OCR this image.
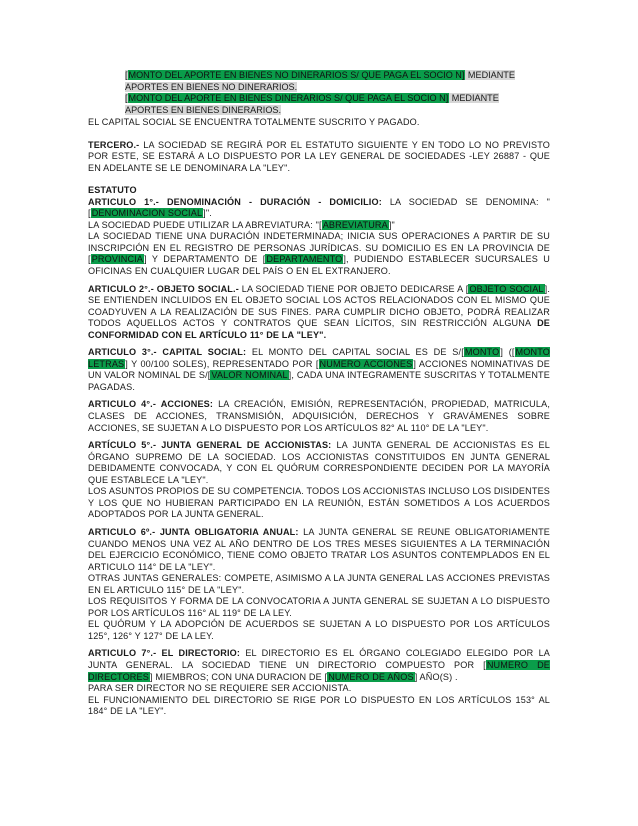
[MONTO DEL APORTE EN BIENES NO DINERARIOS S/ QUE PAGA EL SOCIO N] MEDIANTE

APORTES EN BIENES NO DINERARIOS.

[MONTO DEL APORTE EN BIENES DINERARIOS S/ QUE PAGA EL SOCIO N] MEDIANTE

APORTES EN BIENES DINERARIOS.

EL CAPITAL SOCIAL SE ENCUENTRA TOTALMENTE SUSCRITO Y PAGADO.

TERCERO.- LA SOCIEDAD SE REGIRÁ POR EL ESTATUTO SIGUIENTE Y EN TODO LO NO PREVISTO POR ESTE, SE ESTARÁ A LO DISPUESTO POR LA LEY GENERAL DE SOCIEDADES -LEY 26887 - QUE EN ADELANTE SE LE DENOMINARA LA "LEY".

ESTATUTO

ARTICULO 1°.- DENOMINACIÓN - DURACIÓN - DOMICILIO: LA SOCIEDAD SE DENOMINA: "[DENOMINACION SOCIAL]".

LA SOCIEDAD PUEDE UTILIZAR LA ABREVIATURA: "[ABREVIATURA]"

LA SOCIEDAD TIENE UNA DURACIÓN INDETERMINADA; INICIA SUS OPERACIONES A PARTIR DE SU INSCRIPCIÓN EN EL REGISTRO DE PERSONAS JURÍDICAS. SU DOMICILIO ES EN LA PROVINCIA DE [PROVINCIA] Y DEPARTAMENTO DE [DEPARTAMENTO], PUDIENDO ESTABLECER SUCURSALES U OFICINAS EN CUALQUIER LUGAR DEL PAÍS O EN EL EXTRANJERO.

ARTICULO 2°.- OBJETO SOCIAL.- LA SOCIEDAD TIENE POR OBJETO DEDICARSE A [OBJETO SOCIAL]. SE ENTIENDEN INCLUIDOS EN EL OBJETO SOCIAL LOS ACTOS RELACIONADOS CON EL MISMO QUE COADYUVEN A LA REALIZACIÓN DE SUS FINES. PARA CUMPLIR DICHO OBJETO, PODRÁ REALIZAR TODOS AQUELLOS ACTOS Y CONTRATOS QUE SEAN LÍCITOS, SIN RESTRICCIÓN ALGUNA DE CONFORMIDAD CON EL ARTÍCULO 11° DE LA "LEY".

ARTICULO 3°.- CAPITAL SOCIAL: EL MONTO DEL CAPITAL SOCIAL ES DE S/[MONTO] ([MONTO LETRAS] Y 00/100 SOLES), REPRESENTADO POR [NUMERO ACCIONES] ACCIONES NOMINATIVAS DE UN VALOR NOMINAL DE S/[VALOR NOMINAL], CADA UNA INTEGRAMENTE SUSCRITAS Y TOTALMENTE PAGADAS.

ARTICULO 4°.- ACCIONES: LA CREACIÓN, EMISIÓN, REPRESENTACIÓN, PROPIEDAD, MATRICULA, CLASES DE ACCIONES, TRANSMISIÓN, ADQUISICIÓN, DERECHOS Y GRAVÁMENES SOBRE ACCIONES, SE SUJETAN A LO DISPUESTO POR LOS ARTÍCULOS 82° AL 110° DE LA "LEY".

ARTÍCULO 5°.- JUNTA GENERAL DE ACCIONISTAS: LA JUNTA GENERAL DE ACCIONISTAS ES EL ÓRGANO SUPREMO DE LA SOCIEDAD. LOS ACCIONISTAS CONSTITUIDOS EN JUNTA GENERAL DEBIDAMENTE CONVOCADA, Y CON EL QUÓRUM CORRESPONDIENTE DECIDEN POR LA MAYORÍA QUE ESTABLECE LA "LEY".

LOS ASUNTOS PROPIOS DE SU COMPETENCIA. TODOS LOS ACCIONISTAS INCLUSO LOS DISIDENTES Y LOS QUE NO HUBIERAN PARTICIPADO EN LA REUNIÓN, ESTÁN SOMETIDOS A LOS ACUERDOS ADOPTADOS POR LA JUNTA GENERAL.

ARTICULO 6º.- JUNTA OBLIGATORIA ANUAL: LA JUNTA GENERAL SE REUNE OBLIGATORIAMENTE CUANDO MENOS UNA VEZ AL AÑO DENTRO DE LOS TRES MESES SIGUIENTES A LA TERMINACIÓN DEL EJERCICIO ECONÓMICO, TIENE COMO OBJETO TRATAR LOS ASUNTOS CONTEMPLADOS EN EL ARTICULO 114° DE LA "LEY".

OTRAS JUNTAS GENERALES: COMPETE, ASIMISMO A LA JUNTA GENERAL LAS ACCIONES PREVISTAS EN EL ARTICULO 115° DE LA "LEY".

LOS REQUISITOS Y FORMA DE LA CONVOCATORIA A JUNTA GENERAL SE SUJETAN A LO DISPUESTO POR LOS ARTÍCULOS 116° AL 119° DE LA LEY.

EL QUÓRUM Y LA ADOPCIÓN DE ACUERDOS SE SUJETAN A LO DISPUESTO POR LOS ARTÍCULOS 125°, 126° Y 127° DE LA LEY.

ARTICULO 7°.- EL DIRECTORIO: EL DIRECTORIO ES EL ÓRGANO COLEGIADO ELEGIDO POR LA JUNTA GENERAL. LA SOCIEDAD TIENE UN DIRECTORIO COMPUESTO POR [NUMERO DE DIRECTORES] MIEMBROS; CON UNA DURACION DE [NUMERO DE AÑOS] AÑO(S) .

PARA SER DIRECTOR NO SE REQUIERE SER ACCIONISTA.

EL FUNCIONAMIENTO DEL DIRECTORIO SE RIGE POR LO DISPUESTO EN LOS ARTÍCULOS 153° AL 184° DE LA "LEY".
